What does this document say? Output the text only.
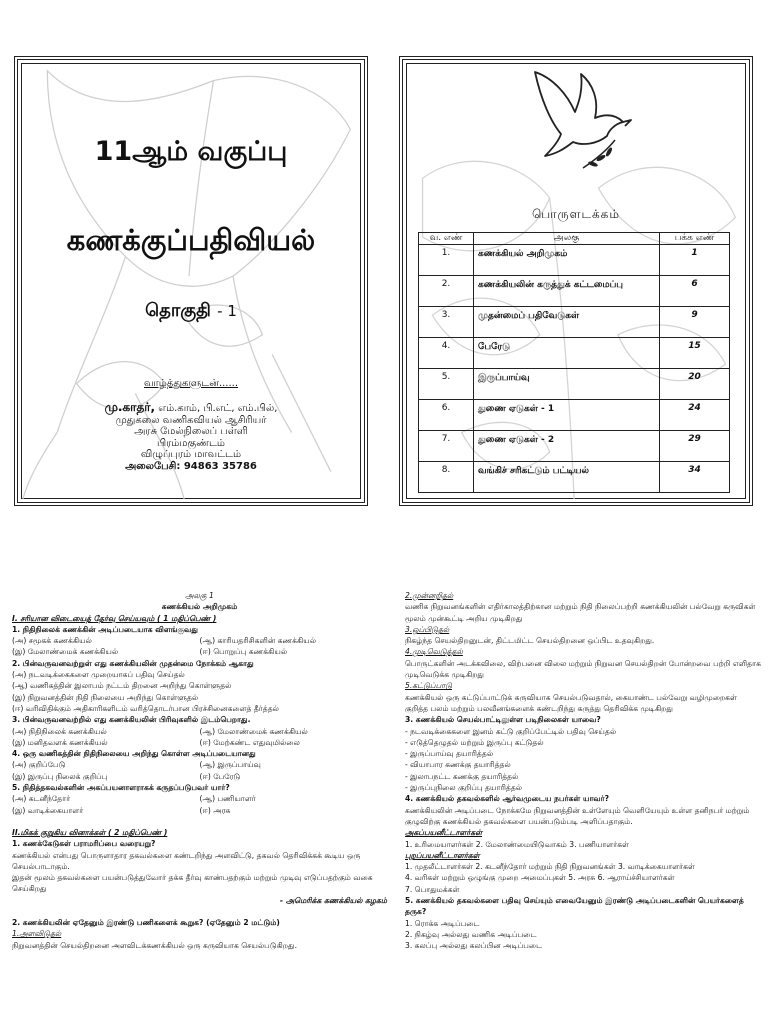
11ஆம் வகுப்பு
கணக்குப்பதிவியல்
தொகுதி - 1
வாழ்த்துகளுடன்......
மு.காதர், எம்.காம், பி.எட், எம்.பில்,
முதுகலை வணிகவியல் ஆசிரியர்
அரசு மேல்நிலைப் பள்ளி
பிரம்மகுண்டம்
விழுப்புரம் மாவட்டம்
அலைபேசி: 94863 35786
பொருளடக்கம்
வ. எண்	அலகு	பக்க எண்
1.	கணக்கியல் அறிமுகம்	1
2.	கணக்கியலின் கருத்துக் கட்டமைப்பு	6
3.	முதன்மைப் பதிவேடுகள்	9
4.	பேரேடு	15
5.	இருப்பாய்வு	20
6.	துணை ஏடுகள் - 1	24
7.	துணை ஏடுகள் - 2	29
8.	வங்கிச் சரிகட்டும் பட்டியல்	34
அலகு 1
கணக்கியல் அறிமுகம்
I. சரியான விடையைத் தேர்வு செய்யவும் ( 1 மதிப்பெண் )
1. நிதிநிலைக் கணக்கின் அடிப்படையாக விளங்குவது
(அ) சமூகக் கணக்கியல்	(ஆ) காரியதரிசிகளின் கணக்கியல்
(இ) மேலாண்மைக் கணக்கியல்	(ஈ) பொறுப்பு கணக்கியல்
2. பின்வருவனவற்றுள் எது கணக்கியலின் முதன்மை நோக்கம் ஆகாது
(அ) நடவடிக்கைகளை முறையாகப் பதிவு செய்தல்
(ஆ) வணிகத்தின் இலாபம் நட்டம் திறனை அறிந்து கொள்ளுதல்
(இ) நிறுவனத்தின் நிதி நிலையை அறிந்து கொள்ளுதல்
(ஈ) வரிவிதிக்கும் அதிகாரிகளிடம் வரித்தொடர்பான பிரச்சினைகளைத் தீர்த்தல்
3. பின்வருவனவற்றில் எது கணக்கியலின் பிரிவுகளில் இடம்பெறாது.
(அ) நிதிநிலைக் கணக்கியல்	(ஆ) மேலாண்மைக் கணக்கியல்
(இ) மனிதவளக் கணக்கியல்	(ஈ) மேற்கண்ட எதுவுமில்லை
4. ஒரு வணிகத்தின் நிதிநிலையை அறிந்து கொள்ள அடிப்படையானது
(அ) குறிப்பேடு	(ஆ) இருப்பாய்வு
(இ) இருப்பு நிலைக் குறிப்பு	(ஈ) பேரேடு
5. நிதித்தகவல்களின் அகப்பயனாளராகக் கருதப்படுபவர் யார்?
(அ) கடனீந்தோர்	(ஆ) பணியாளர்
(இ) வாடிக்கையாளர்	(ஈ) அரசு
II.மிகக் குறுகிய வினாக்கள் ( 2 மதிப்பெண் )
1. கணக்கேடுகள் பராமரிப்பை வரையறு?
கணக்கியல் என்பது பொருளாதார தகவல்களை கண்டறிந்து அளவிட்டு, தகவல் தெரிவிக்கக் கூடிய ஒரு செயல்பாடாகும்.
இதன் மூலம் தகவல்களை பயன்படுத்துவோர் தக்க தீர்வு காண்பதற்கும் மற்றும் முடிவு எடுப்பதற்கும் வகை செய்கிறது
- அமெரிக்க கணக்கியல் கழகம்
2. கணக்கியலின் ஏதேனும் இரண்டு பணிகளைக் கூறுக? (ஏதேனும் 2 மட்டும்)
1.அளவிடுதல்
நிறுவனத்தின் செயல்திறனை அளவிடக்கணக்கியல் ஒரு கருவியாக செயல்படுகிறது.
2.முன்னறிதல்
வணிக நிறுவனங்களின் எதிர்காலத்திற்கான மற்றும் நிதி நிலைப்பற்றி கணக்கியலின் பல்வேறு கருவிகள் மூலம் முன்கூட்டி அறிய முடிகிறது
3.ஒப்பிடுதல்
நிகழ்ந்த செயல்திறனுடன், திட்டமிட்ட செயல்திறனை ஒப்பிட உதவுகிறது.
4.முடிவெடுத்தல்
பொருட்களின் அடக்கவிலை, விற்பனை விலை மற்றும் நிறுவன செயல்திறன் போன்றவை பற்றி எளிதாக முடிவெடுக்க முடிகிறது
5.கட்டுப்பாடு
கணக்கியல் ஒரு கட்டுப்பாட்டுக் கருவியாக செயல்படுவதால், கையாண்ட பல்வேறு வழிமுறைகள் குறித்த பலம் மற்றும் பலவீனங்களைக் கண்டறிந்து கருத்து தெரிவிக்க முடிகிறது
3. கணக்கியல் செயல்பாட்டிலுள்ள படிநிலைகள் யாவை?
- நடவடிக்கைகளை இனம் கட்டு குறிப்பேட்டில் பதிவு செய்தல்
- எடுத்தெழுதல் மற்றும் இருப்பு கட்டுதல்
- இருப்பாய்வு தயாரித்தல்
- வியாபார கணக்கு தயாரித்தல்
- இலாபநட்ட கணக்கு தயாரித்தல்
- இருப்புநிலை குறிப்பு தயாரித்தல்
4. கணக்கியல் தகவல்களில் ஆர்வமுடைய நபர்கள் யாவர்?
கணக்கியலின் அடிப்படை நோக்கமே நிறுவனத்தின் உள்ளேயும் வெளியேயும் உள்ள தனிநபர் மற்றும் குழுவிற்கு கணக்கியல் தகவல்களை பயன்படும்படி அளிப்பதாகும்.
அகப்பயனீட்டாளர்கள்
1. உரிமையாளர்கள் 2. மேலாண்மையிடுவாகம் 3. பணியாளர்கள்
புறப்பயனீட்டாளர்கள்
1. முதலீட்டாளர்கள் 2. கடனீந்தோர் மற்றும் நிதி நிறுவனங்கள் 3. வாடிக்கையாளர்கள்
4. வரிகள் மற்றும் ஒழுங்கு முறை அமைப்புகள் 5. அரசு 6. ஆராய்ச்சியாளர்கள்
7. பொதுமக்கள்
5. கணக்கியல் தகவல்களை பதிவு செய்யும் எவையேனும் இரண்டு அடிப்படைகளின் பெயர்களைத் தருக?
1. ரொக்க அடிப்படை
2. நிகழ்வு அல்லது வணிக அடிப்படை
3. கலப்பு அல்லது கலப்பின அடிப்படை
